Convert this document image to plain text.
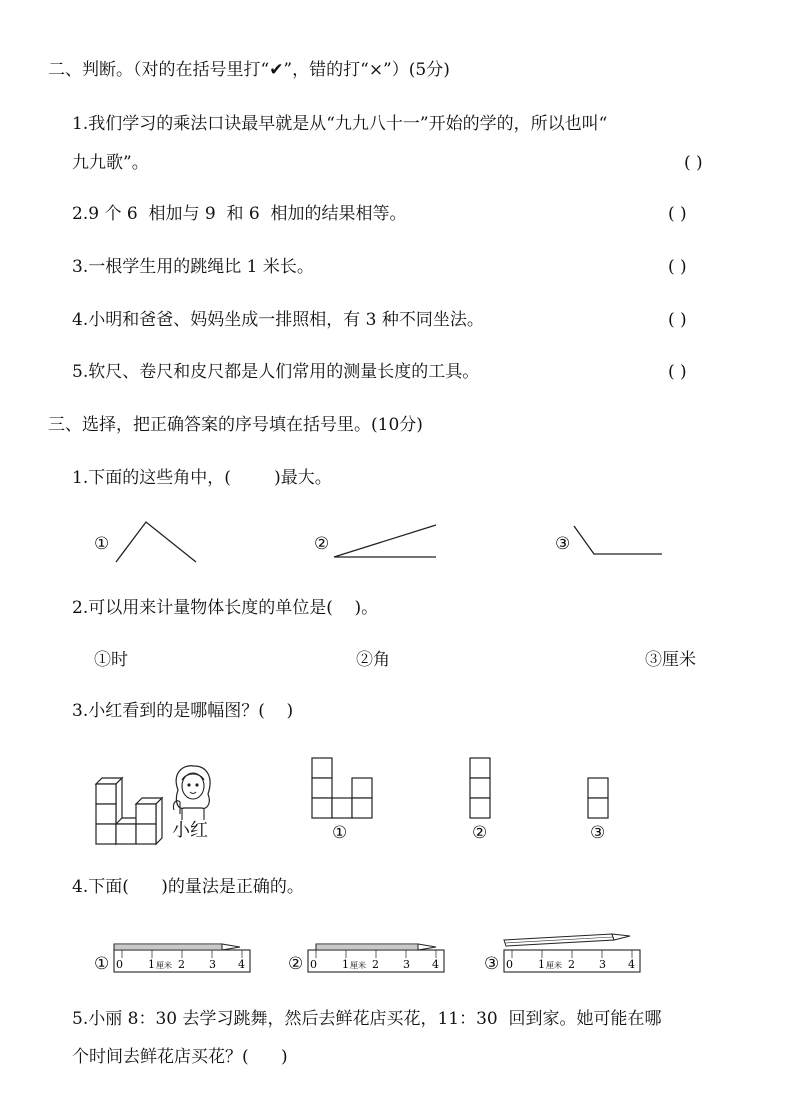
二、判断。（对的在括号里打“✔”，错的打“×”）(5分)
1.我们学习的乘法口诀最早就是从“九九八十一”开始的学的，所以也叫“
九九歌”。	( )
2.9 个 6  相加与 9  和 6  相加的结果相等。	( )
3.一根学生用的跳绳比 1 米长。	( )
4.小明和爸爸、妈妈坐成一排照相，有 3 种不同坐法。	( )
5.软尺、卷尺和皮尺都是人们常用的测量长度的工具。	( )
三、选择，把正确答案的序号填在括号里。(10分)
1.下面的这些角中，(        )最大。
①	②	③
2.可以用来计量物体长度的单位是(    )。
①时	②角	③厘米
3.小红看到的是哪幅图？(    )
小红	①	②	③
4.下面(      )的量法是正确的。
① 0 1 厘米 2 3 4	② 0 1 厘米 2 3 4	③ 0 1 厘米 2 3 4
5.小丽 8：30 去学习跳舞，然后去鲜花店买花，11：30  回到家。她可能在哪
个时间去鲜花店买花？(      )
